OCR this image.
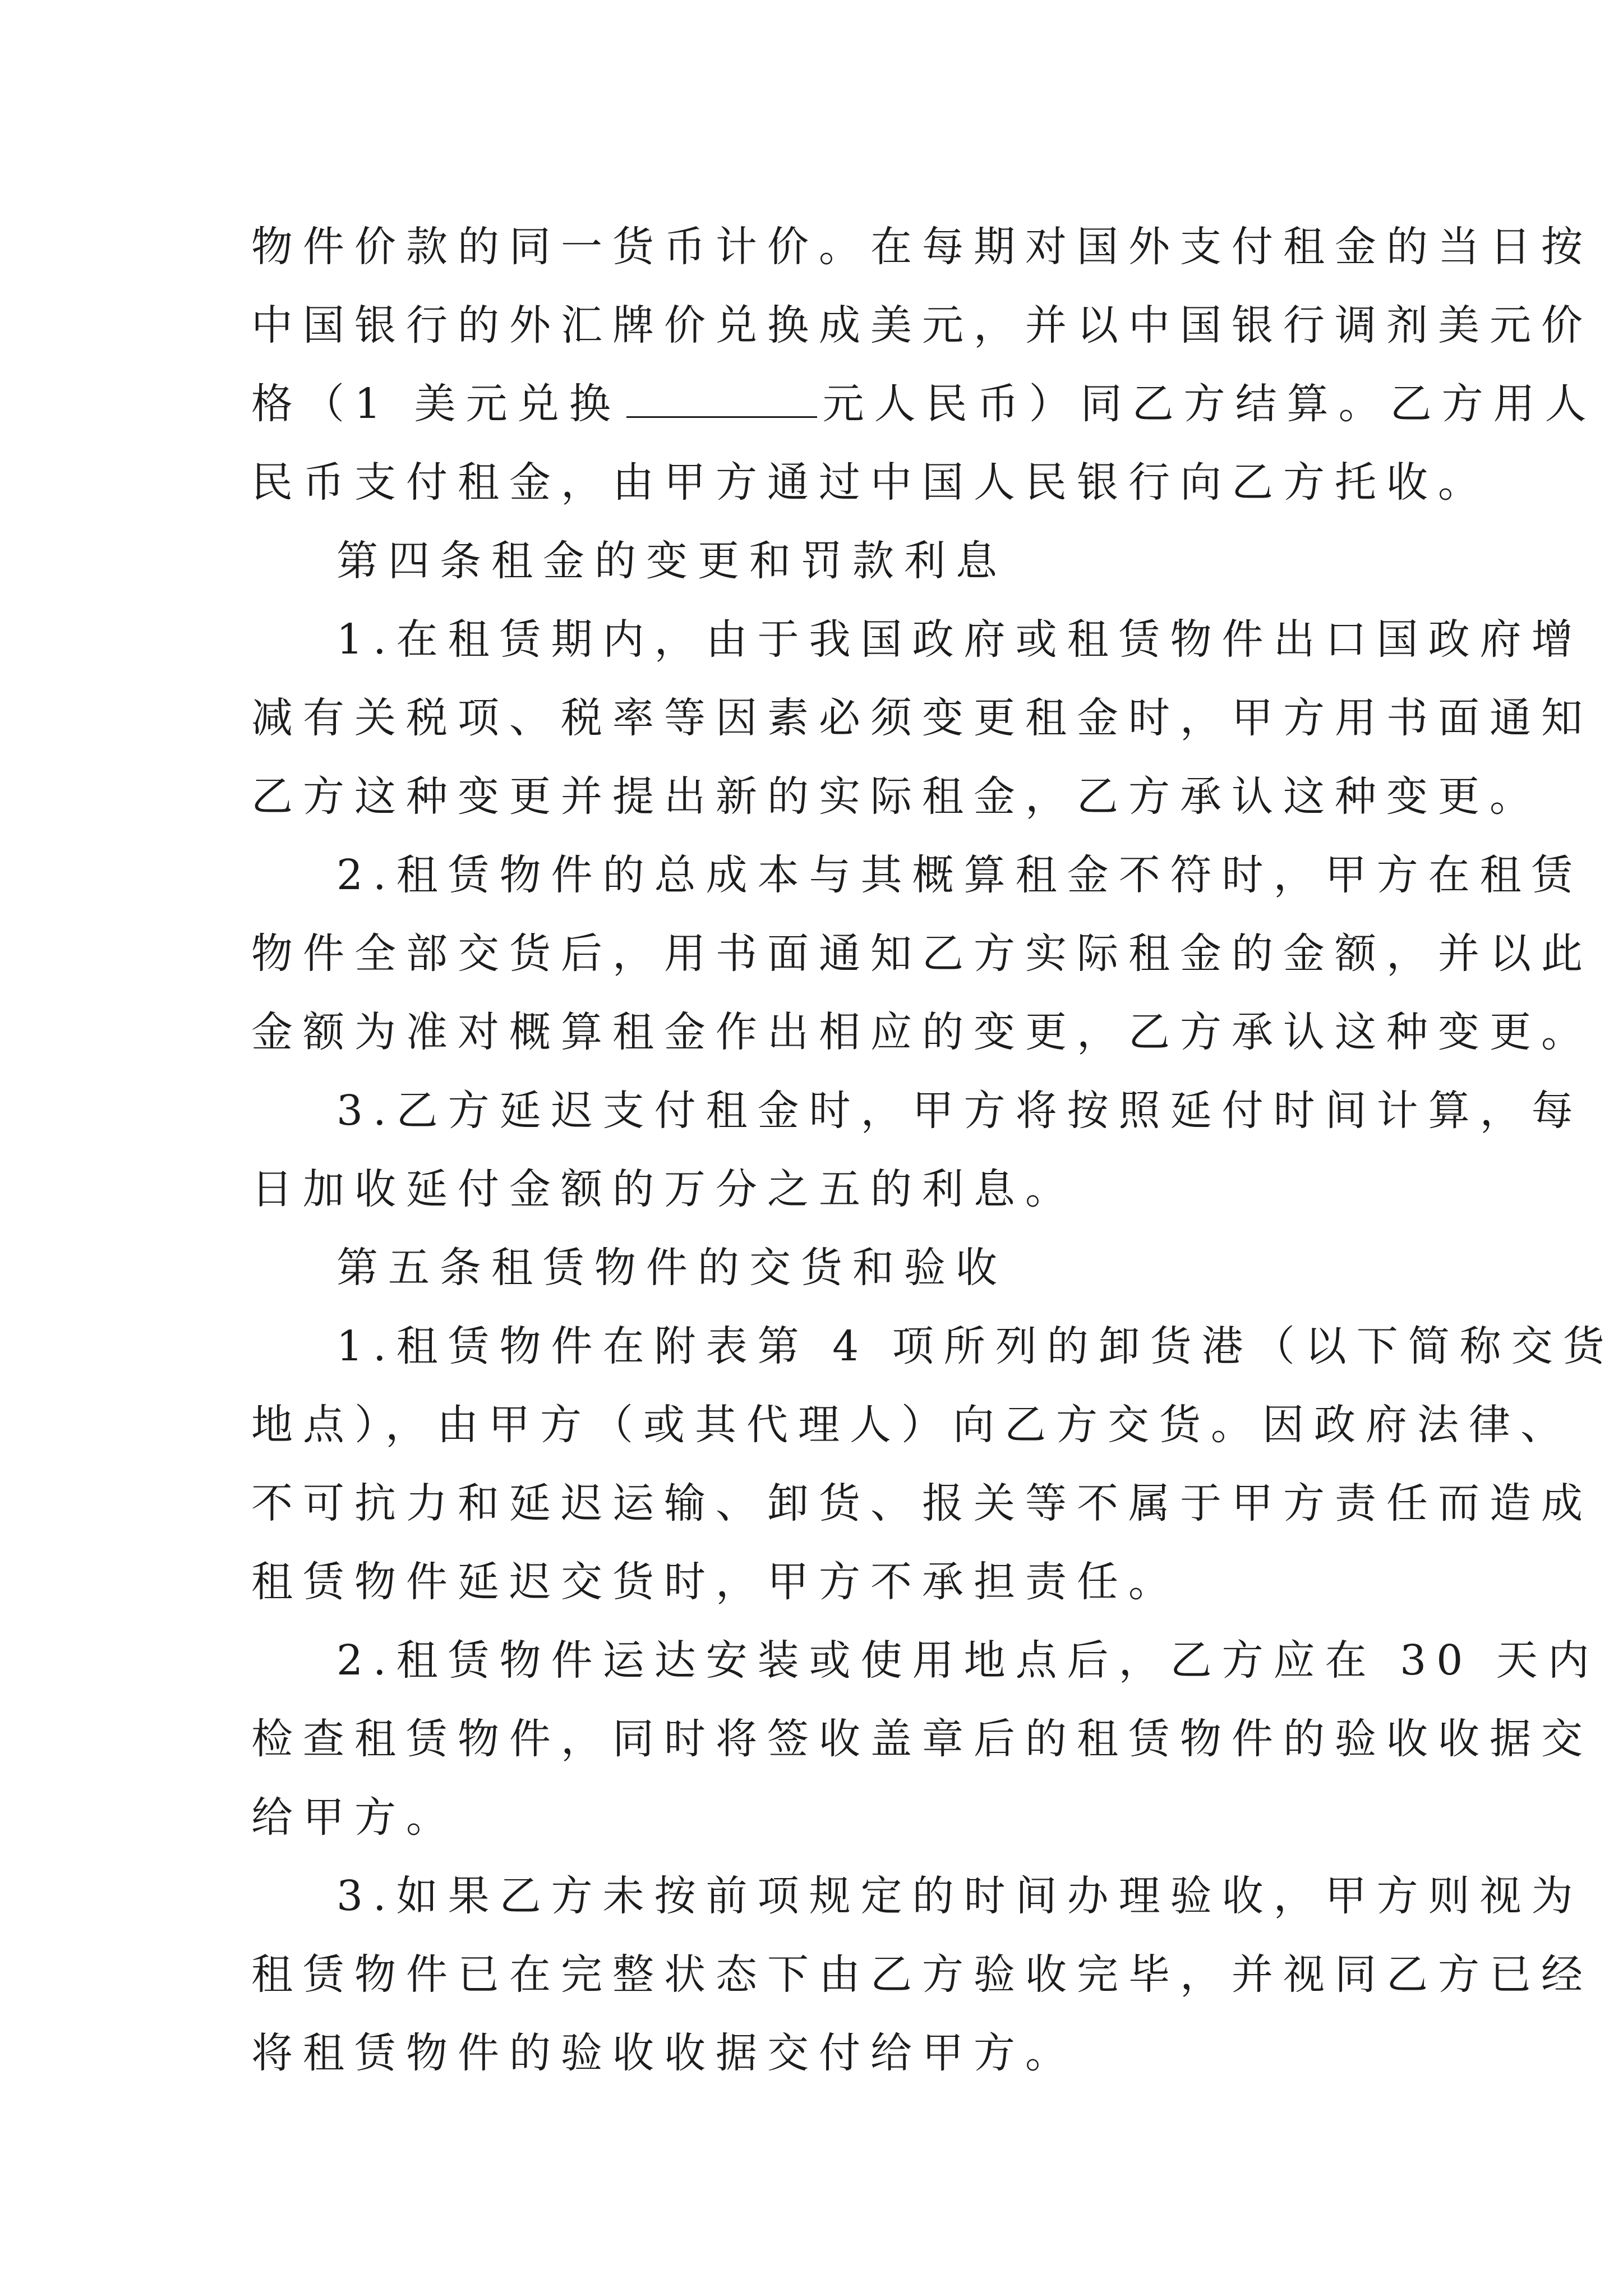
物件价款的同一货币计价。在每期对国外支付租金的当日按
中国银行的外汇牌价兑换成美元，并以中国银行调剂美元价
格（1 美元兑换	元人民币）同乙方结算。乙方用人
民币支付租金，由甲方通过中国人民银行向乙方托收。
第四条租金的变更和罚款利息
1.在租赁期内，由于我国政府或租赁物件出口国政府增
减有关税项、税率等因素必须变更租金时，甲方用书面通知
乙方这种变更并提出新的实际租金，乙方承认这种变更。
2.租赁物件的总成本与其概算租金不符时，甲方在租赁
物件全部交货后，用书面通知乙方实际租金的金额，并以此
金额为准对概算租金作出相应的变更，乙方承认这种变更。
3.乙方延迟支付租金时，甲方将按照延付时间计算，每
日加收延付金额的万分之五的利息。
第五条租赁物件的交货和验收
1.租赁物件在附表第 4 项所列的卸货港（以下简称交货
地点），由甲方（或其代理人）向乙方交货。因政府法律、
不可抗力和延迟运输、卸货、报关等不属于甲方责任而造成
租赁物件延迟交货时，甲方不承担责任。
2.租赁物件运达安装或使用地点后，乙方应在 30 天内
检查租赁物件，同时将签收盖章后的租赁物件的验收收据交
给甲方。
3.如果乙方未按前项规定的时间办理验收，甲方则视为
租赁物件已在完整状态下由乙方验收完毕，并视同乙方已经
将租赁物件的验收收据交付给甲方。
